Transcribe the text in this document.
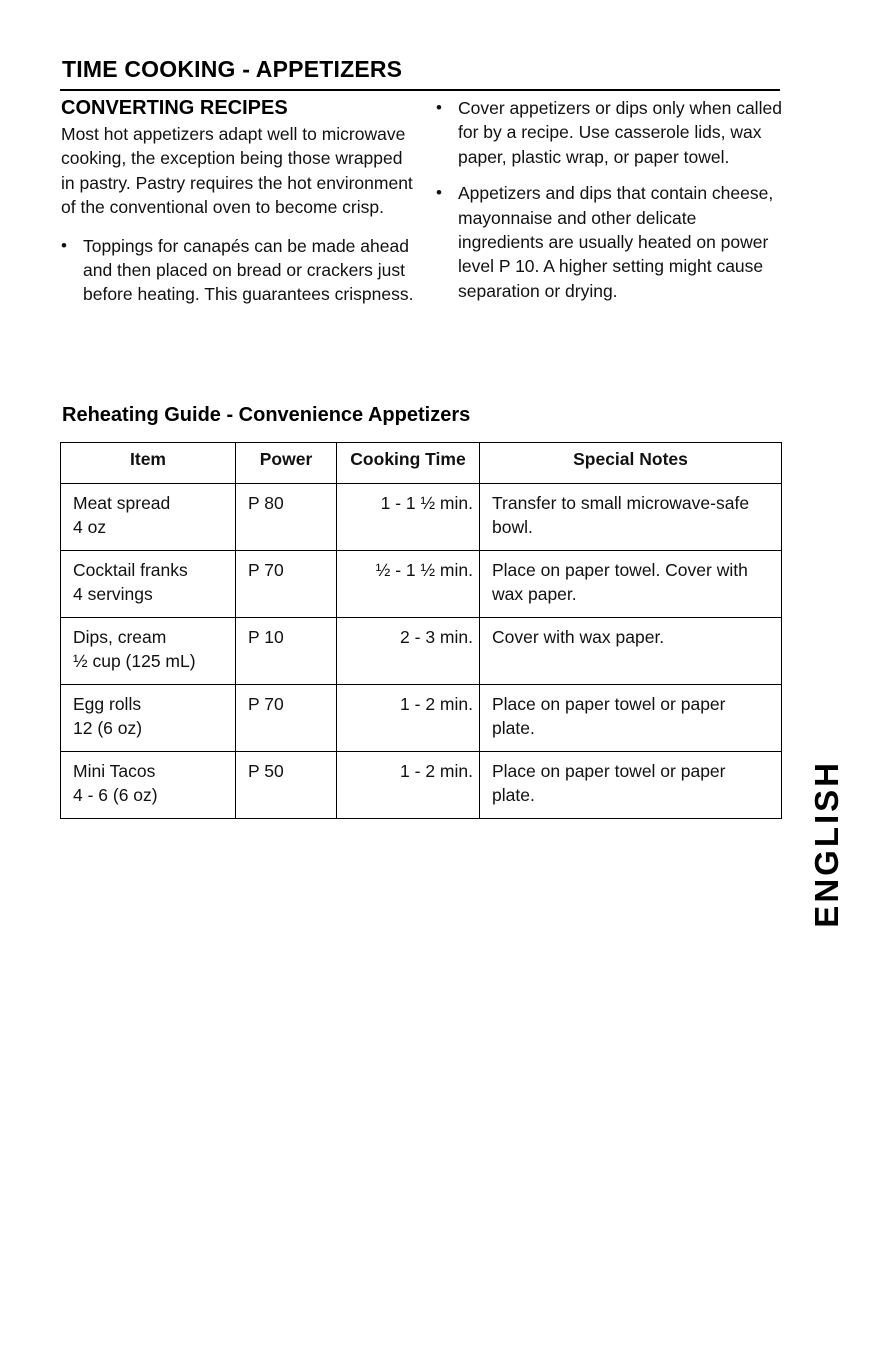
TIME COOKING - APPETIZERS
CONVERTING RECIPES

Most hot appetizers adapt well to microwave cooking, the exception being those wrapped in pastry. Pastry requires the hot environment of the conventional oven to become crisp.

• Toppings for canapés can be made ahead and then placed on bread or crackers just before heating. This guarantees crispness.
• Cover appetizers or dips only when called for by a recipe. Use casserole lids, wax paper, plastic wrap, or paper towel.
• Appetizers and dips that contain cheese, mayonnaise and other delicate ingredients are usually heated on power level P 10. A higher setting might cause separation or drying.
Reheating Guide - Convenience Appetizers
Item	Power	Cooking Time	Special Notes

Meat spread
4 oz	P 80	1 - 1 ½ min.	Transfer to small microwave-safe bowl.

Cocktail franks
4 servings	P 70	½ - 1 ½ min.	Place on paper towel. Cover with wax paper.

Dips, cream
½ cup (125 mL)	P 10	2 - 3 min.	Cover with wax paper.

Egg rolls
12 (6 oz)	P 70	1 - 2 min.	Place on paper towel or paper plate.

Mini Tacos
4 - 6 (6 oz)	P 50	1 - 2 min.	Place on paper towel or paper plate.	ENGLISH
